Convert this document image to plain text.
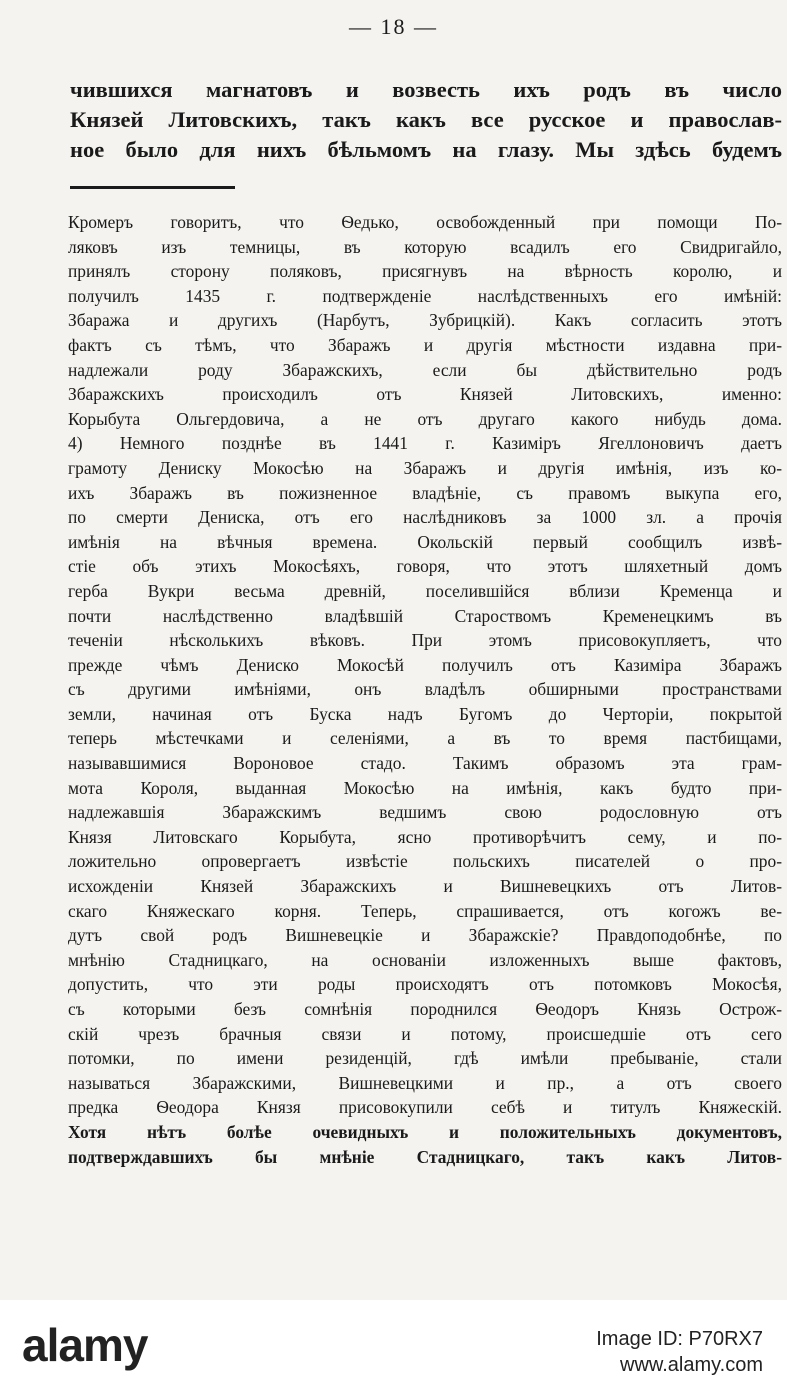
— 18 —
чившихся магнатовъ и возвесть ихъ родъ въ число
Князей Литовскихъ, такъ какъ все русское и православ-
ное было для нихъ бѣльмомъ на глазу. Мы здѣсь будемъ
Кромеръ говоритъ, что Ѳедько, освобожденный при помощи По-
ляковъ изъ темницы, въ которую всадилъ его Свидригайло,
принялъ сторону поляковъ, присягнувъ на вѣрность королю, и
получилъ 1435 г. подтвержденіе наслѣдственныхъ его имѣній:
Збаража и другихъ (Нарбутъ, Зубрицкій). Какъ согласить этотъ
фактъ съ тѣмъ, что Збаражъ и другія мѣстности издавна при-
надлежали роду Збаражскихъ, если бы дѣйствительно родъ
Збаражскихъ происходилъ отъ Князей Литовскихъ, именно:
Корыбута Ольгердовича, а не отъ другаго какого нибудь дома.
4) Немного позднѣе въ 1441 г. Казиміръ Ягеллоновичъ даетъ
грамоту Дениску Мокосѣю на Збаражъ и другія имѣнія, изъ ко-
ихъ Збаражъ въ пожизненное владѣніе, съ правомъ выкупа его,
по смерти Дениска, отъ его наслѣдниковъ за 1000 зл. а прочія
имѣнія на вѣчныя времена. Окольскій первый сообщилъ извѣ-
стіе объ этихъ Мокосѣяхъ, говоря, что этотъ шляхетный домъ
герба Вукри весьма древній, поселившійся вблизи Кременца и
почти наслѣдственно владѣвшій Староствомъ Кременецкимъ въ
теченіи нѣсколькихъ вѣковъ. При этомъ присовокупляетъ, что
прежде чѣмъ Дениско Мокосѣй получилъ отъ Казиміра Збаражъ
съ другими имѣніями, онъ владѣлъ обширными пространствами
земли, начиная отъ Буска надъ Бугомъ до Черторіи, покрытой
теперь мѣстечками и селеніями, а въ то время пастбищами,
называвшимися Вороновое стадо. Такимъ образомъ эта грам-
мота Короля, выданная Мокосѣю на имѣнія, какъ будто при-
надлежавшія Збаражскимъ ведшимъ свою родословную отъ
Князя Литовскаго Корыбута, ясно противорѣчитъ сему, и по-
ложительно опровергаетъ извѣстіе польскихъ писателей о про-
исхожденіи Князей Збаражскихъ и Вишневецкихъ отъ Литов-
скаго Княжескаго корня. Теперь, спрашивается, отъ когожъ ве-
дутъ свой родъ Вишневецкіе и Збаражскіе? Правдоподобнѣе, по
мнѣнію Стадницкаго, на основаніи изложенныхъ выше фактовъ,
допустить, что эти роды происходятъ отъ потомковъ Мокосѣя,
съ которыми безъ сомнѣнія породнился Ѳеодоръ Князь Острож-
скій чрезъ брачныя связи и потому, происшедшіе отъ сего
потомки, по имени резиденцій, гдѣ имѣли пребываніе, стали
называться Збаражскими, Вишневецкими и пр., а отъ своего
предка Ѳеодора Князя присовокупили себѣ и титулъ Княжескій.
Хотя нѣтъ болѣе очевидныхъ и положительныхъ документовъ,
подтверждавшихъ бы мнѣніе Стадницкаго, такъ какъ Литов-
alamy	Image ID: P70RX7
www.alamy.com
